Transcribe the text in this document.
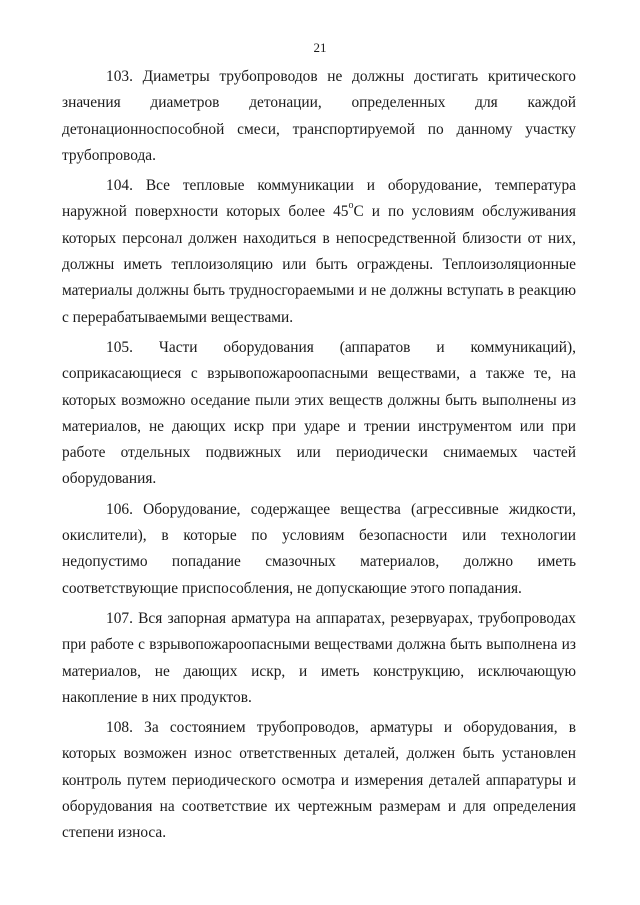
21

103. Диаметры трубопроводов не должны достигать критического значения диаметров детонации, определенных для каждой детонационноспособной смеси, транспортируемой по данному участку трубопровода.

104. Все тепловые коммуникации и оборудование, температура наружной поверхности которых более $45^оС$ и по условиям обслуживания которых персонал должен находиться в непосредственной близости от них, должны иметь теплоизоляцию или быть ограждены. Теплоизоляционные материалы должны быть трудносгораемыми и не должны вступать в реакцию с перерабатываемыми веществами.

105. Части оборудования (аппаратов и коммуникаций), соприкасающиеся с взрывопожароопасными веществами, а также те, на которых возможно оседание пыли этих веществ должны быть выполнены из материалов, не дающих искр при ударе и трении инструментом или при работе отдельных подвижных или периодически снимаемых частей оборудования.

106. Оборудование, содержащее вещества (агрессивные жидкости, окислители), в которые по условиям безопасности или технологии недопустимо попадание смазочных материалов, должно иметь соответствующие приспособления, не допускающие этого попадания.

107. Вся запорная арматура на аппаратах, резервуарах, трубопроводах при работе с взрывопожароопасными веществами должна быть выполнена из материалов, не дающих искр, и иметь конструкцию, исключающую накопление в них продуктов.

108. За состоянием трубопроводов, арматуры и оборудования, в которых возможен износ ответственных деталей, должен быть установлен контроль путем периодического осмотра и измерения деталей аппаратуры и оборудования на соответствие их чертежным размерам и для определения степени износа.
